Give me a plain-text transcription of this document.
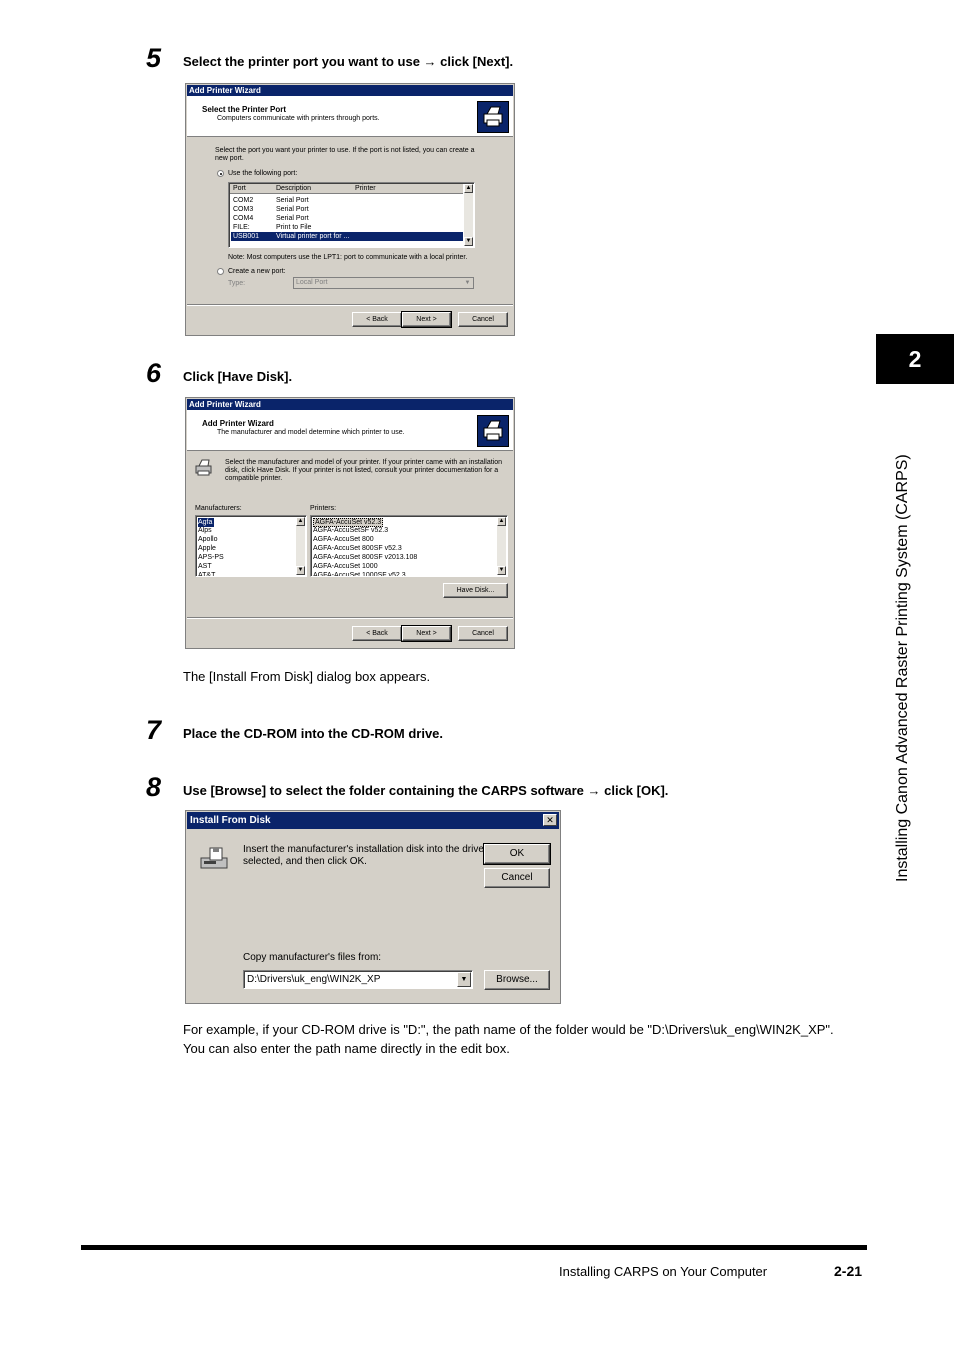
5 Select the printer port you want to use → click [Next].
Add Printer Wizard
Select the Printer Port
Computers communicate with printers through ports.
Select the port you want your printer to use. If the port is not listed, you can create a
new port.
Use the following port:
Port	Description	Printer
COM2	Serial Port
COM3	Serial Port
COM4	Serial Port
FILE:	Print to File
USB001 Virtual printer port for ...
▲
▼
Note: Most computers use the LPT1: port to communicate with a local printer.
Create a new port:
Type:	Local Port	▼
< Back	Next >	Cancel
6 Click [Have Disk].
Add Printer Wizard
Add Printer Wizard
The manufacturer and model determine which printer to use.
Select the manufacturer and model of your printer. If your printer came with an installation
disk, click Have Disk. If your printer is not listed, consult your printer documentation for a
compatible printer.
Manufacturers:	Printers:
Agfa
Alps
Apollo
Apple
APS-PS
AST
AT&T
▲
▼
AGFA-AccuSet v52.3
AGFA-AccuSetSF v52.3
AGFA-AccuSet 800
AGFA-AccuSet 800SF v52.3
AGFA-AccuSet 800SF v2013.108
AGFA-AccuSet 1000
AGFA-AccuSet 1000SF v52.3
▲
▼
Have Disk...
< Back	Next >	Cancel
The [Install From Disk] dialog box appears.
7 Place the CD-ROM into the CD-ROM drive.
8 Use [Browse] to select the folder containing the CARPS software → click [OK].
Install From Disk	✕
Insert the manufacturer's installation disk into the drive
selected, and then click OK.
OK
Cancel
Copy manufacturer's files from:
D:\Drivers\uk_eng\WIN2K_XP	▼	Browse...
For example, if your CD-ROM drive is "D:", the path name of the folder would be "D:\Drivers\uk_eng\WIN2K_XP".
You can also enter the path name directly in the edit box.
2
Installing Canon Advanced Raster Printing System (CARPS)
Installing CARPS on Your Computer	2-21
